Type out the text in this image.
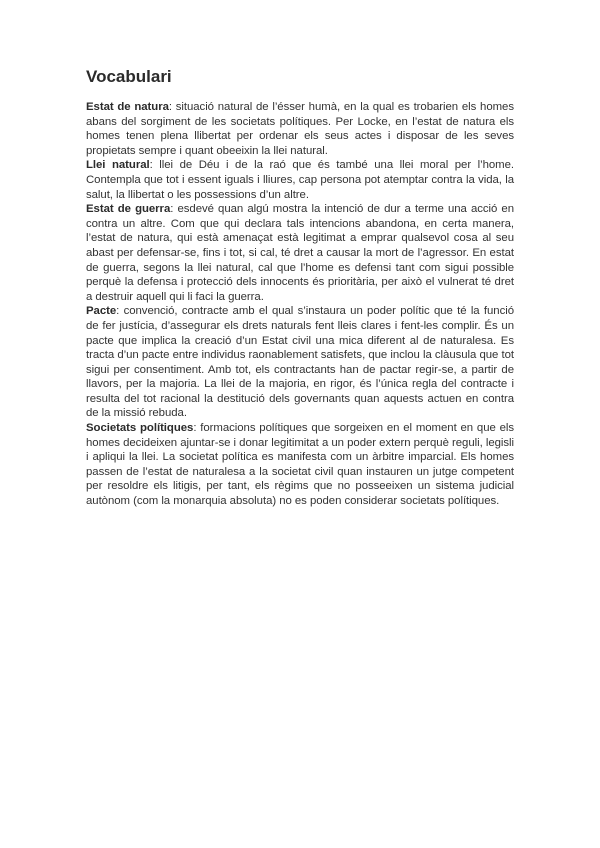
Vocabulari

Estat de natura: situació natural de l’ésser humà, en la qual es trobarien els homes abans del sorgiment de les societats polítiques. Per Locke, en l’estat de natura els homes tenen plena llibertat per ordenar els seus actes i disposar de les seves propietats sempre i quant obeeixin la llei natural.

Llei natural: llei de Déu i de la raó que és també una llei moral per l’home. Contempla que tot i essent iguals i lliures, cap persona pot atemptar contra la vida, la salut, la llibertat o les possessions d’un altre.

Estat de guerra: esdevé quan algú mostra la intenció de dur a terme una acció en contra un altre. Com que qui declara tals intencions abandona, en certa manera, l’estat de natura, qui està amenaçat està legitimat a emprar qualsevol cosa al seu abast per defensar-se, fins i tot, si cal, té dret a causar la mort de l’agressor. En estat de guerra, segons la llei natural, cal que l’home es defensi tant com sigui possible perquè la defensa i protecció dels innocents és prioritària, per això el vulnerat té dret a destruir aquell qui li faci la guerra.

Pacte: convenció, contracte amb el qual s’instaura un poder polític que té la funció de fer justícia, d’assegurar els drets naturals fent lleis clares i fent-les complir. És un pacte que implica la creació d’un Estat civil una mica diferent al de naturalesa. Es tracta d’un pacte entre individus raonablement satisfets, que inclou la clàusula que tot sigui per consentiment. Amb tot, els contractants han de pactar regir-se, a partir de llavors, per la majoria. La llei de la majoria, en rigor, és l’única regla del contracte i resulta del tot racional la destitució dels governants quan aquests actuen en contra de la missió rebuda.

Societats polítiques: formacions polítiques que sorgeixen en el moment en que els homes decideixen ajuntar-se i donar legitimitat a un poder extern perquè reguli, legisli i apliqui la llei. La societat política es manifesta com un àrbitre imparcial. Els homes passen de l’estat de naturalesa a la societat civil quan instauren un jutge competent per resoldre els litigis, per tant, els règims que no posseeixen un sistema judicial autònom (com la monarquia absoluta) no es poden considerar societats polítiques.
